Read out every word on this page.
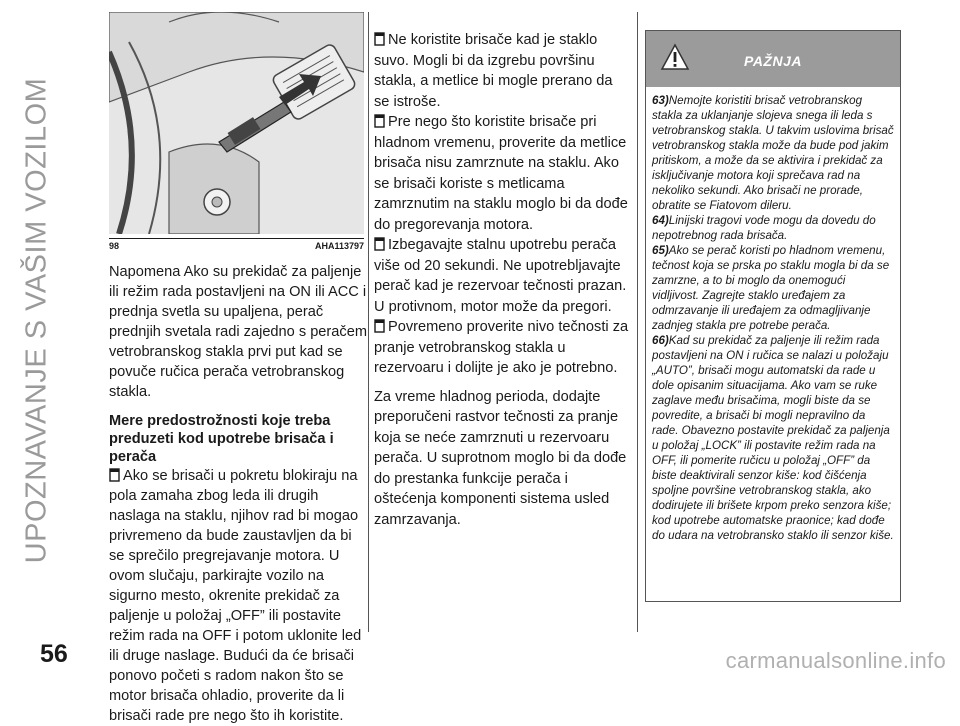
UPOZNAVANJE S VAŠIM VOZILOM	98	AHA113797

Napomena Ako su prekidač za paljenje ili režim rada postavljeni na ON ili ACC i prednja svetla su upaljena, perač prednjih svetala radi zajedno s peračem vetrobranskog stakla prvi put kad se povuče ručica perača vetrobranskog stakla.

Mere predostrožnosti koje treba preduzeti kod upotrebe brisača i perača

Ako se brisači u pokretu blokiraju na pola zamaha zbog leda ili drugih naslaga na staklu, njihov rad bi mogao privremeno da bude zaustavljen da bi se sprečilo pregrejavanje motora. U ovom slučaju, parkirajte vozilo na sigurno mesto, okrenite prekidač za paljenje u položaj „OFF” ili postavite režim rada na OFF i potom uklonite led ili druge naslage. Budući da će brisači ponovo početi s radom nakon što se motor brisača ohladio, proverite da li brisači rade pre nego što ih koristite.

Ne koristite brisače kad je staklo suvo. Mogli bi da izgrebu površinu stakla, a metlice bi mogle prerano da se istroše.

Pre nego što koristite brisače pri hladnom vremenu, proverite da metlice brisača nisu zamrznute na staklu. Ako se brisači koriste s metlicama zamrznutim na staklu moglo bi da dođe do pregorevanja motora.

Izbegavajte stalnu upotrebu perača više od 20 sekundi. Ne upotrebljavajte perač kad je rezervoar tečnosti prazan. U protivnom, motor može da pregori.

Povremeno proverite nivo tečnosti za pranje vetrobranskog stakla u rezervoaru i dolijte je ako je potrebno.

Za vreme hladnog perioda, dodajte preporučeni rastvor tečnosti za pranje koja se neće zamrznuti u rezervoaru perača. U suprotnom moglo bi da dođe do prestanka funkcije perača i oštećenja komponenti sistema usled zamrzavanja.

PAŽNJA

63)Nemojte koristiti brisač vetrobranskog stakla za uklanjanje slojeva snega ili leda s vetrobranskog stakla. U takvim uslovima brisač vetrobranskog stakla može da bude pod jakim pritiskom, a može da se aktivira i prekidač za isključivanje motora koji sprečava rad na nekoliko sekundi. Ako brisači ne prorade, obratite se Fiatovom dileru.

64)Linijski tragovi vode mogu da dovedu do nepotrebnog rada brisača.

65)Ako se perač koristi po hladnom vremenu, tečnost koja se prska po staklu mogla bi da se zamrzne, a to bi moglo da onemogući vidljivost. Zagrejte staklo uređajem za odmrzavanje ili uređajem za odmagljivanje zadnjeg stakla pre potrebe perača.

66)Kad su prekidač za paljenje ili režim rada postavljeni na ON i ručica se nalazi u položaju „AUTO”, brisači mogu automatski da rade u dole opisanim situacijama. Ako vam se ruke zaglave među brisačima, mogli biste da se povredite, a brisači bi mogli nepravilno da rade. Obavezno postavite prekidač za paljenja u položaj „LOCK” ili postavite režim rada na OFF, ili pomerite ručicu u položaj „OFF” da biste deaktivirali senzor kiše: kod čišćenja spoljne površine vetrobranskog stakla, ako dodirujete ili brišete krpom preko senzora kiše; kod upotrebe automatske praonice; kad dođe do udara na vetrobransko staklo ili senzor kiše.

56	carmanualsonline.info
